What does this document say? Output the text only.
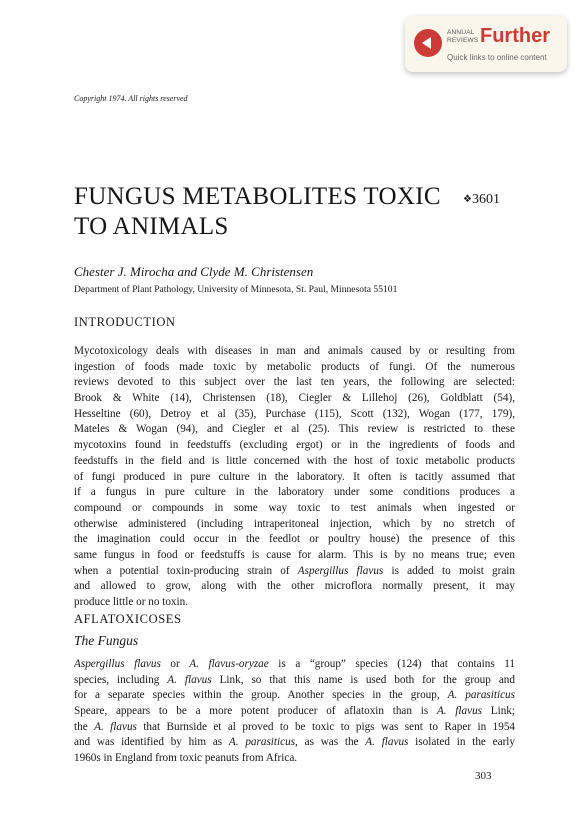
ANNUAL
REVIEWS Further
Quick links to online content
Copyright 1974. All rights reserved
FUNGUS METABOLITES TOXIC
TO ANIMALS
❖3601
Chester J. Mirocha and Clyde M. Christensen
Department of Plant Pathology, University of Minnesota, St. Paul, Minnesota 55101
INTRODUCTION
Mycotoxicology deals with diseases in man and animals caused by or resulting from
ingestion of foods made toxic by metabolic products of fungi. Of the numerous
reviews devoted to this subject over the last ten years, the following are selected:
Brook & White (14), Christensen (18), Ciegler & Lillehoj (26), Goldblatt (54),
Hesseltine (60), Detroy et al (35), Purchase (115), Scott (132), Wogan (177, 179),
Mateles & Wogan (94), and Ciegler et al (25). This review is restricted to these
mycotoxins found in feedstuffs (excluding ergot) or in the ingredients of foods and
feedstuffs in the field and is little concerned with the host of toxic metabolic products
of fungi produced in pure culture in the laboratory. It often is tacitly assumed that
if a fungus in pure culture in the laboratory under some conditions produces a
compound or compounds in some way toxic to test animals when ingested or
otherwise administered (including intraperitoneal injection, which by no stretch of
the imagination could occur in the feedlot or poultry house) the presence of this
same fungus in food or feedstuffs is cause for alarm. This is by no means true; even
when a potential toxin-producing strain of Aspergillus flavus is added to moist grain
and allowed to grow, along with the other microflora normally present, it may
produce little or no toxin.
AFLATOXICOSES
The Fungus
Aspergillus flavus or A. flavus-oryzae is a “group” species (124) that contains 11
species, including A. flavus Link, so that this name is used both for the group and
for a separate species within the group. Another species in the group, A. parasiticus
Speare, appears to be a more potent producer of aflatoxin than is A. flavus Link;
the A. flavus that Burnside et al proved to be toxic to pigs was sent to Raper in 1954
and was identified by him as A. parasiticus, as was the A. flavus isolated in the early
1960s in England from toxic peanuts from Africa.
303
